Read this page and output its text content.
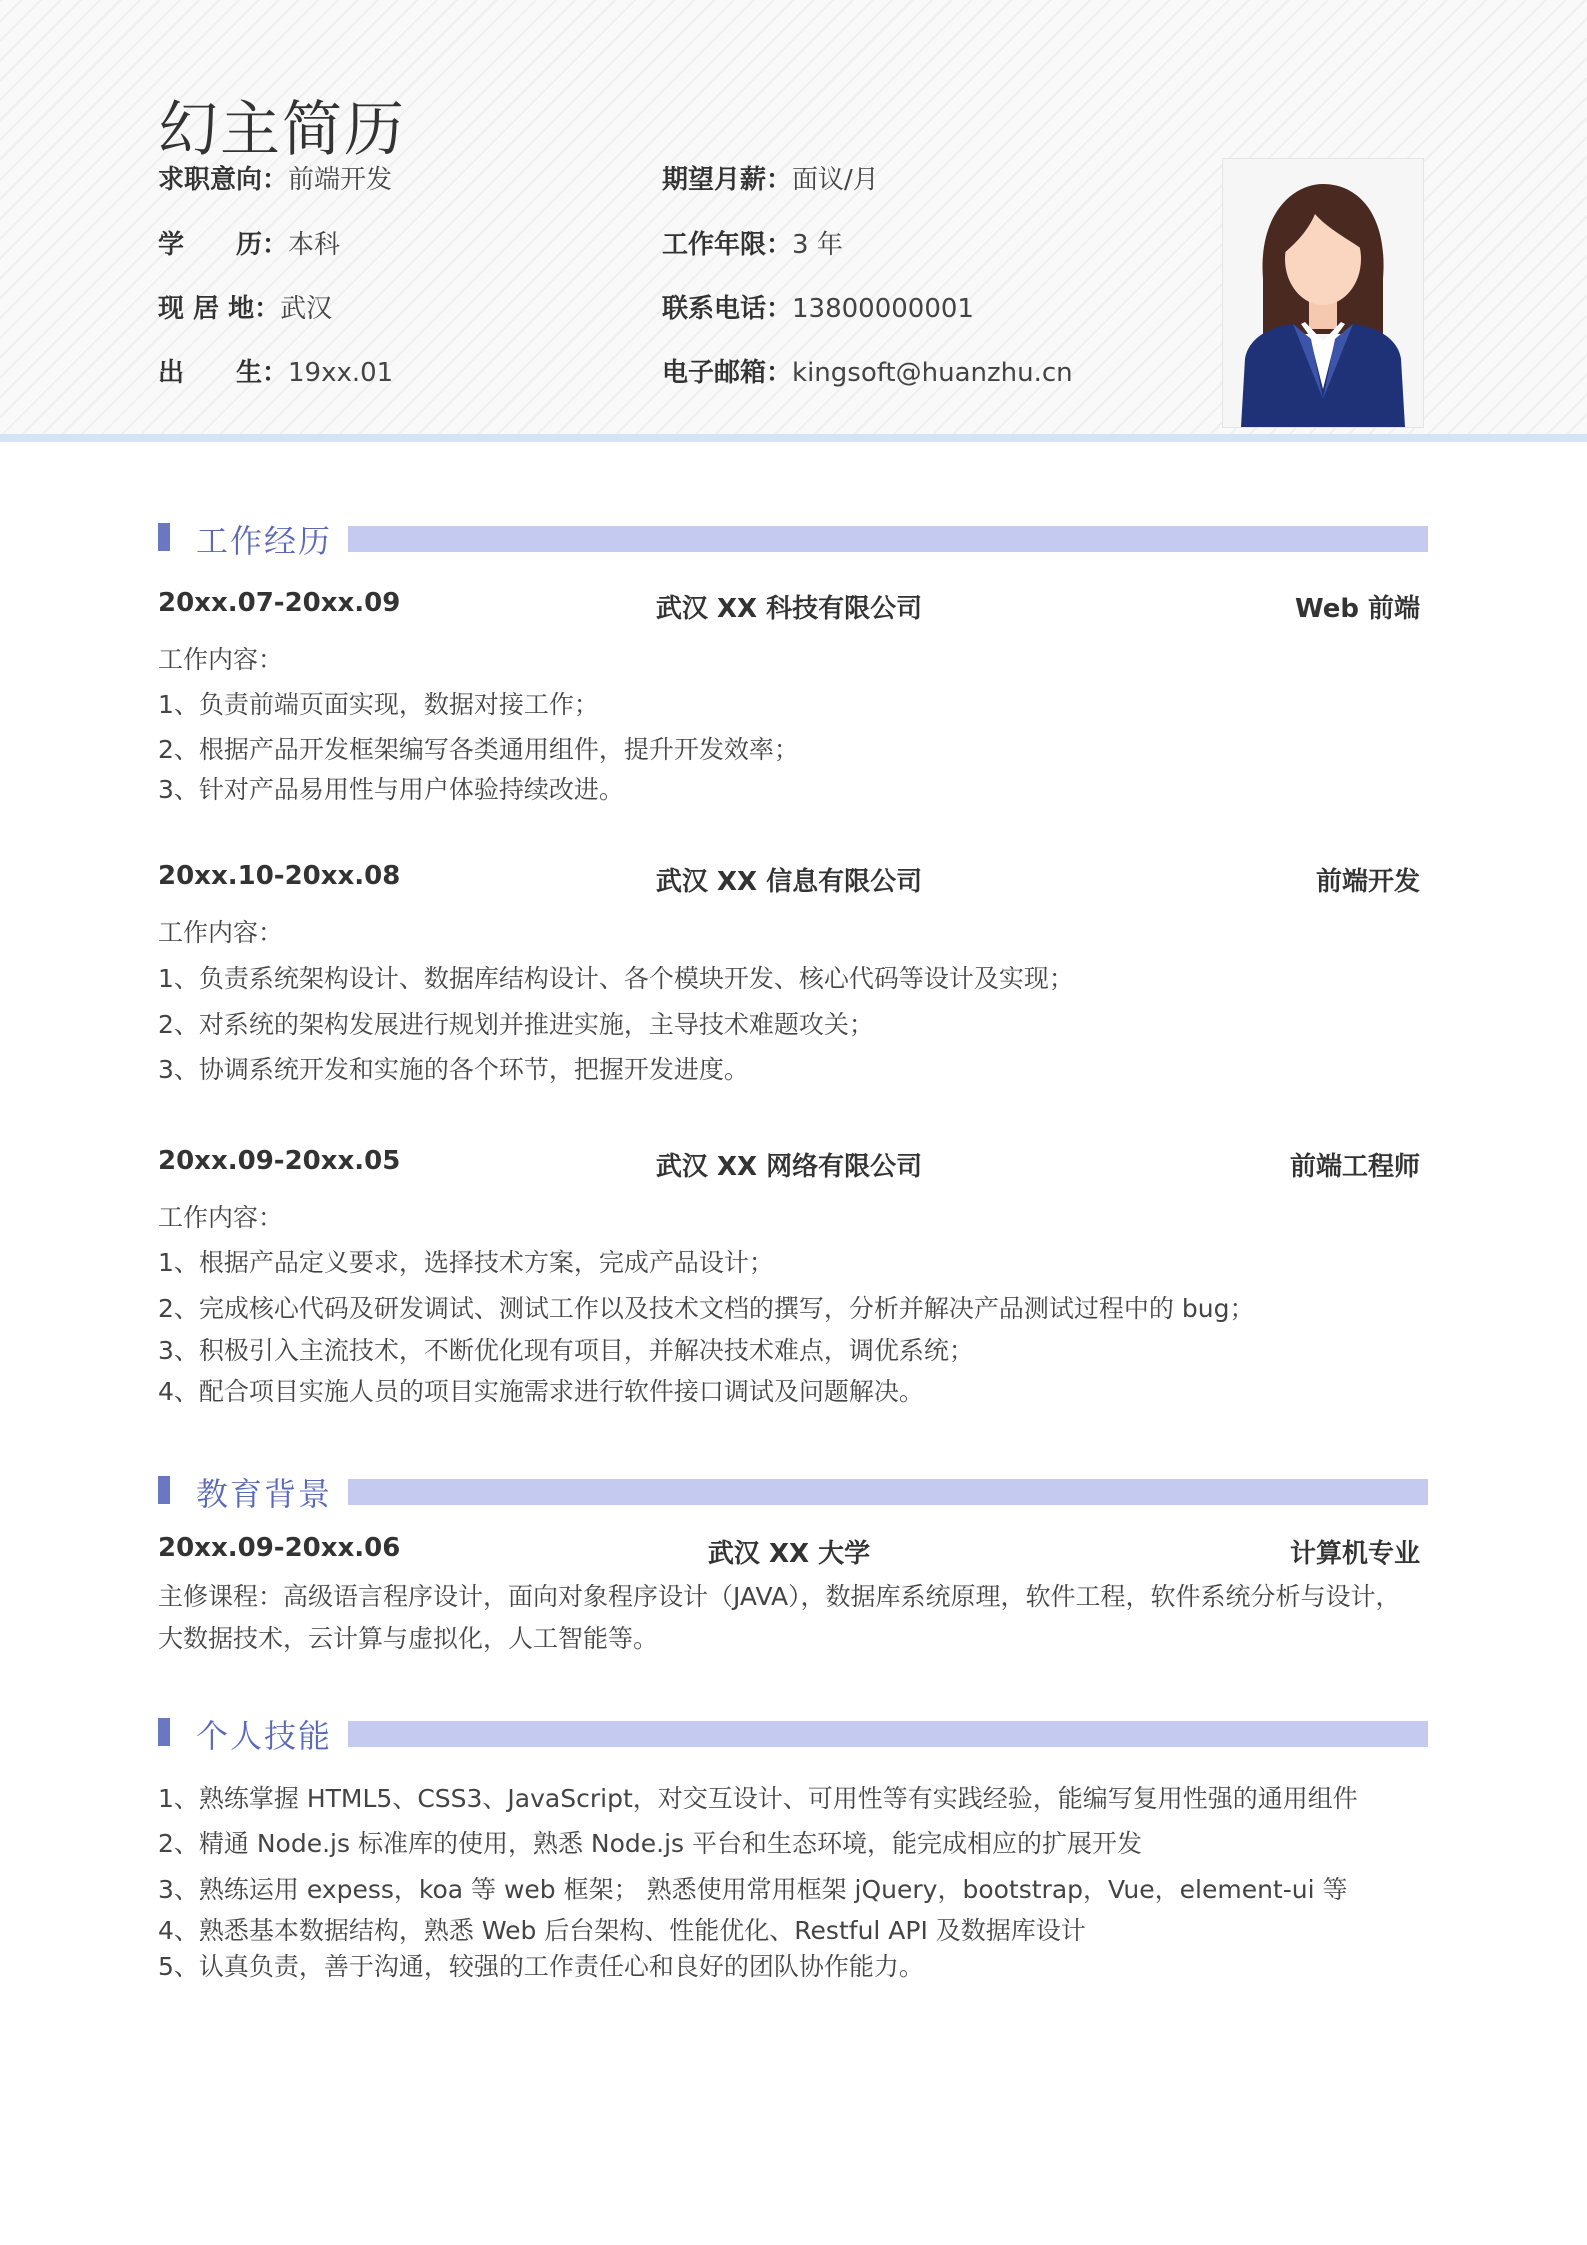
幻主简历
求职意向：前端开发	期望月薪：面议/月
学　　历：本科	工作年限：3 年
现 居 地：武汉	联系电话：13800000001
出　　生：19xx.01	电子邮箱：kingsoft@huanzhu.cn
工作经历
20xx.07-20xx.09	武汉 XX 科技有限公司	Web 前端
工作内容：
1、负责前端页面实现，数据对接工作；
2、根据产品开发框架编写各类通用组件，提升开发效率；
3、针对产品易用性与用户体验持续改进。
20xx.10-20xx.08	武汉 XX 信息有限公司	前端开发
工作内容：
1、负责系统架构设计、数据库结构设计、各个模块开发、核心代码等设计及实现；
2、对系统的架构发展进行规划并推进实施，主导技术难题攻关；
3、协调系统开发和实施的各个环节，把握开发进度。
20xx.09-20xx.05	武汉 XX 网络有限公司	前端工程师
工作内容：
1、根据产品定义要求，选择技术方案，完成产品设计；
2、完成核心代码及研发调试、测试工作以及技术文档的撰写，分析并解决产品测试过程中的 bug；
3、积极引入主流技术，不断优化现有项目，并解决技术难点，调优系统；
4、配合项目实施人员的项目实施需求进行软件接口调试及问题解决。
教育背景
20xx.09-20xx.06	武汉 XX 大学	计算机专业
主修课程：高级语言程序设计，面向对象程序设计（JAVA），数据库系统原理，软件工程，软件系统分析与设计，大数据技术，云计算与虚拟化，人工智能等。
个人技能
1、熟练掌握 HTML5、CSS3、JavaScript，对交互设计、可用性等有实践经验，能编写复用性强的通用组件
2、精通 Node.js 标准库的使用，熟悉 Node.js 平台和生态环境，能完成相应的扩展开发
3、熟练运用 expess，koa 等 web 框架； 熟悉使用常用框架 jQuery，bootstrap，Vue，element-ui 等
4、熟悉基本数据结构，熟悉 Web 后台架构、性能优化、Restful API 及数据库设计
5、认真负责，善于沟通，较强的工作责任心和良好的团队协作能力。
